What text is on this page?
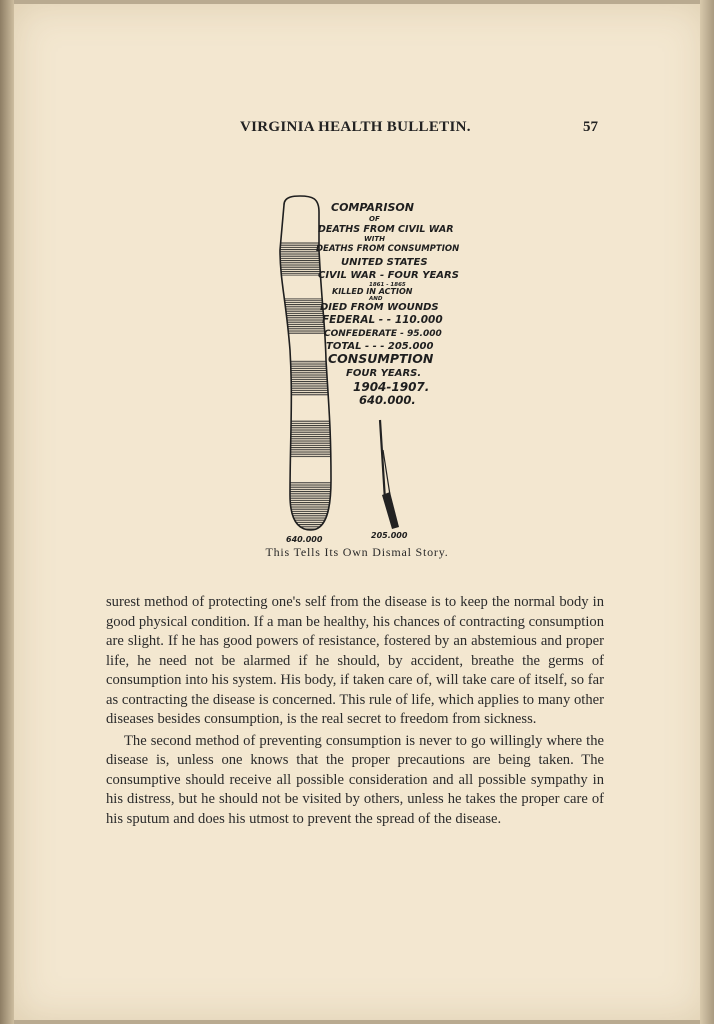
VIRGINIA HEALTH BULLETIN.	57
COMPARISON
OF
DEATHS FROM CIVIL WAR
WITH
DEATHS FROM CONSUMPTION
UNITED STATES
CIVIL WAR - FOUR YEARS
1861 - 1865
KILLED IN ACTION
AND
DIED FROM WOUNDS
FEDERAL - - 110.000
CONFEDERATE - 95.000
TOTAL - - - 205.000
CONSUMPTION
FOUR YEARS.
1904-1907.
640.000.
640.000	205.000
This Tells Its Own Dismal Story.

surest method of protecting one's self from the disease is to keep the normal body in good physical condition. If a man be healthy, his chances of contracting consumption are slight. If he has good powers of resistance, fostered by an abstemious and proper life, he need not be alarmed if he should, by accident, breathe the germs of consumption into his system. His body, if taken care of, will take care of itself, so far as contracting the disease is concerned. This rule of life, which applies to many other diseases besides consumption, is the real secret to freedom from sickness.

The second method of preventing consumption is never to go willingly where the disease is, unless one knows that the proper precautions are being taken. The consumptive should receive all possible consideration and all possible sympathy in his distress, but he should not be visited by others, unless he takes the proper care of his sputum and does his utmost to prevent the spread of the disease.
